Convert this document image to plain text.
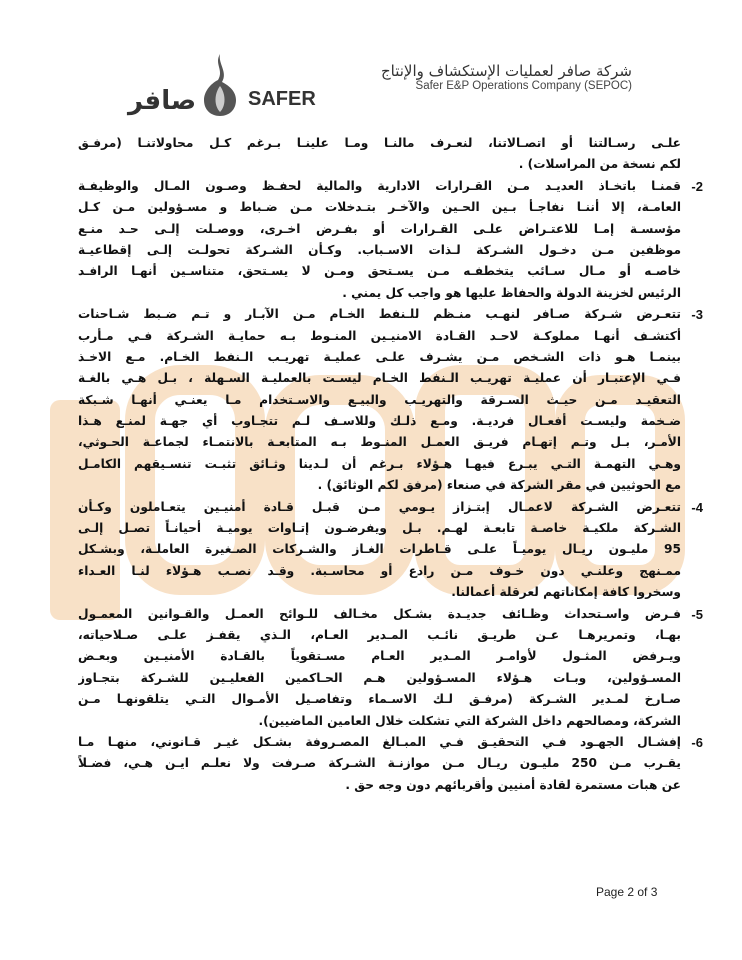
صافر	SAFER
شركة صافر لعمليات الإستكشاف والإنتاج
Safer E&P Operations Company (SEPOC)
علـى رسـالتنا أو اتصـالاتنا، لنعـرف مالنـا ومـا علينـا بـرغم كـل محاولاتنـا (مرفـق
لكم نسخة من المراسلات) .
2-
قمنـا باتخـاذ العديـد مـن القـرارات الادارية والمالية لحفـظ وصـون المـال والوظيفـة
العامـة، إلا أننـا نفاجـأ بـين الحـين والآخـر بتـدخلات مـن ضـباط و مسـؤولين مـن كـل
مؤسسـة إمـا للاعتـراض علـى القـرارات أو بفـرض اخـرى، ووصـلت إلـى حـد منـع
موظفين مـن دخـول الشـركة لـذات الاسـباب. وكـأن الشـركة تحولـت إلـى إقطاعيـة
خاصـه أو مـال سـائب يتخطفـه مـن يسـتحق ومـن لا يسـتحق، متناسـين أنهـا الرافـد
الرئيس لخزينة الدولة والحفاظ عليها هو واجب كل يمني .
3-
تتعـرض شـركة صـافر لنهـب منـظم للـنفط الخـام مـن الآبـار و تـم ضـبط شـاحنات
أكتشـف أنهـا مملوكـة لاحـد القـادة الامنيـين المنـوط بـه حمايـة الشـركة فـي مـأرب
بينمـا هـو ذات الشـخص مـن يشـرف علـى عمليـة تهريـب الـنفط الخـام. مـع الاخـذ
فـي الإعتبـار أن عمليـة تهريـب الـنفط الخـام ليسـت بالعمليـة السـهلة ، بـل هـي بالغـة
التعقيـد مـن حيـث السـرقة والتهريـب والبيـع والاسـتخدام مـا يعنـي أنهـا شـبكة
ضـخمة وليسـت أفعـال فرديـة. ومـع ذلـك وللاسـف لـم تتجـاوب أي جهـة لمنـع هـذا
الأمـر، بـل وتـم إتهـام فريـق العمـل المنـوط بـه المتابعـة بالانتمـاء لجماعـة الحـوثي،
وهـي التهمـة التـي يبـرع فيهـا هـؤلاء بـرغم أن لـدينا وثـائق تثبـت تنسـيقهم الكامـل
مع الحوثيين في مقر الشركة في صنعاء (مرفق لكم الوثائق) .
4-
تتعـرض الشـركة لاعمـال إبتـزاز يـومي مـن قبـل قـادة أمنيـين يتعـاملون وكـأن
الشـركة ملكيـة خاصـة تابعـة لهـم. بـل ويفرضـون إتـاوات يوميـة أحيانـاً تصـل إلـى
95 مليـون ريـال يوميـاً علـى قـاطرات الغـاز والشـركات الصـغيرة العاملـة، وبشـكل
ممـنهج وعلنـي دون خـوف مـن رادع أو محاسـبة. وقـد نصـب هـؤلاء لنـا العـداء
وسخروا كافة إمكاناتهم لعرقلة أعمالنا.
5-
فـرض واسـتحداث وظـائف جديـدة بشـكل مخـالف للـوائح العمـل والقـوانين المعمـول
بهـا، وتمريرهـا عـن طريـق نائـب المـدير العـام، الـذي يقفـز علـى صـلاحياته،
ويـرفض المثـول لأوامـر المـدير العـام مسـتقوياً بالقـادة الأمنيـين وبعـض
المسـؤولين، وبـات هـؤلاء المسـؤولين هـم الحـاكمين الفعليـين للشـركة بتجـاوز
صـارخ لمـدير الشـركة (مرفـق لـك الاسـماء وتفاصـيل الأمـوال التـي يتلقونهـا مـن
الشركة، ومصالحهم داخل الشركة التي تشكلت خلال العامين الماضيين).
6-
إفشـال الجهـود فـي التحقيـق فـي المبـالغ المصـروفة بشـكل غيـر قـانوني، منهـا مـا
يقـرب مـن 250 مليـون ريـال مـن موازنـة الشـركة صـرفت ولا نعلـم ايـن هـي، فضـلاً
عن هبات مستمرة لقادة أمنيين وأقربائهم دون وجه حق .
Page 2 of 3
